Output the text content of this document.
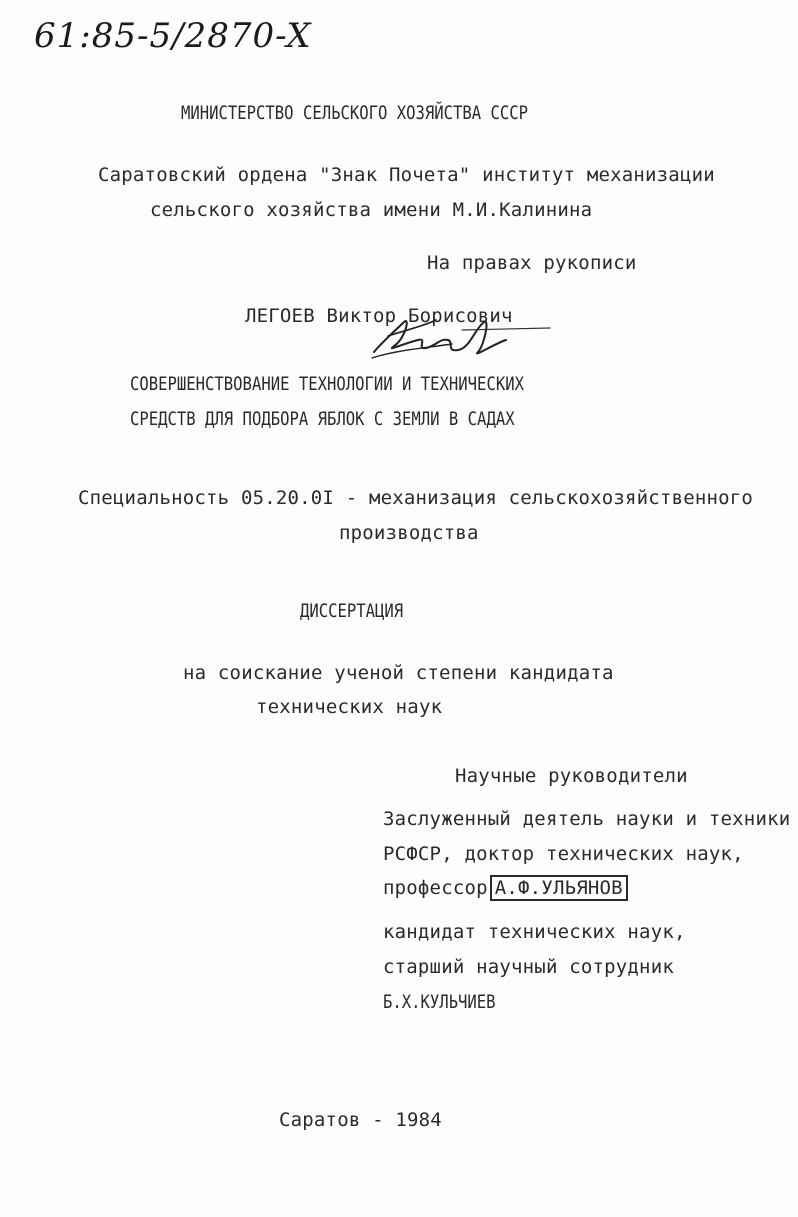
61:85-5/2870-X
МИНИСТЕРСТВО СЕЛЬСКОГО ХОЗЯЙСТВА СССР
Саратовский ордена "Знак Почета" институт механизации
сельского хозяйства имени М.И.Калинина
На правах рукописи
ЛЕГОЕВ Виктор Борисович
СОВЕРШЕНСТВОВАНИЕ ТЕХНОЛОГИИ И ТЕХНИЧЕСКИХ
СРЕДСТВ ДЛЯ ПОДБОРА ЯБЛОК С ЗЕМЛИ В САДАХ
Специальность 05.20.0I - механизация сельскохозяйственного
производства
ДИССЕРТАЦИЯ
на соискание ученой степени кандидата
технических наук
Научные руководители
Заслуженный деятель науки и техники
РСФСР, доктор технических наук,
профессор А.Ф.УЛЬЯНОВ
кандидат технических наук,
старший научный сотрудник
Б.Х.КУЛЬЧИЕВ
Саратов - 1984
